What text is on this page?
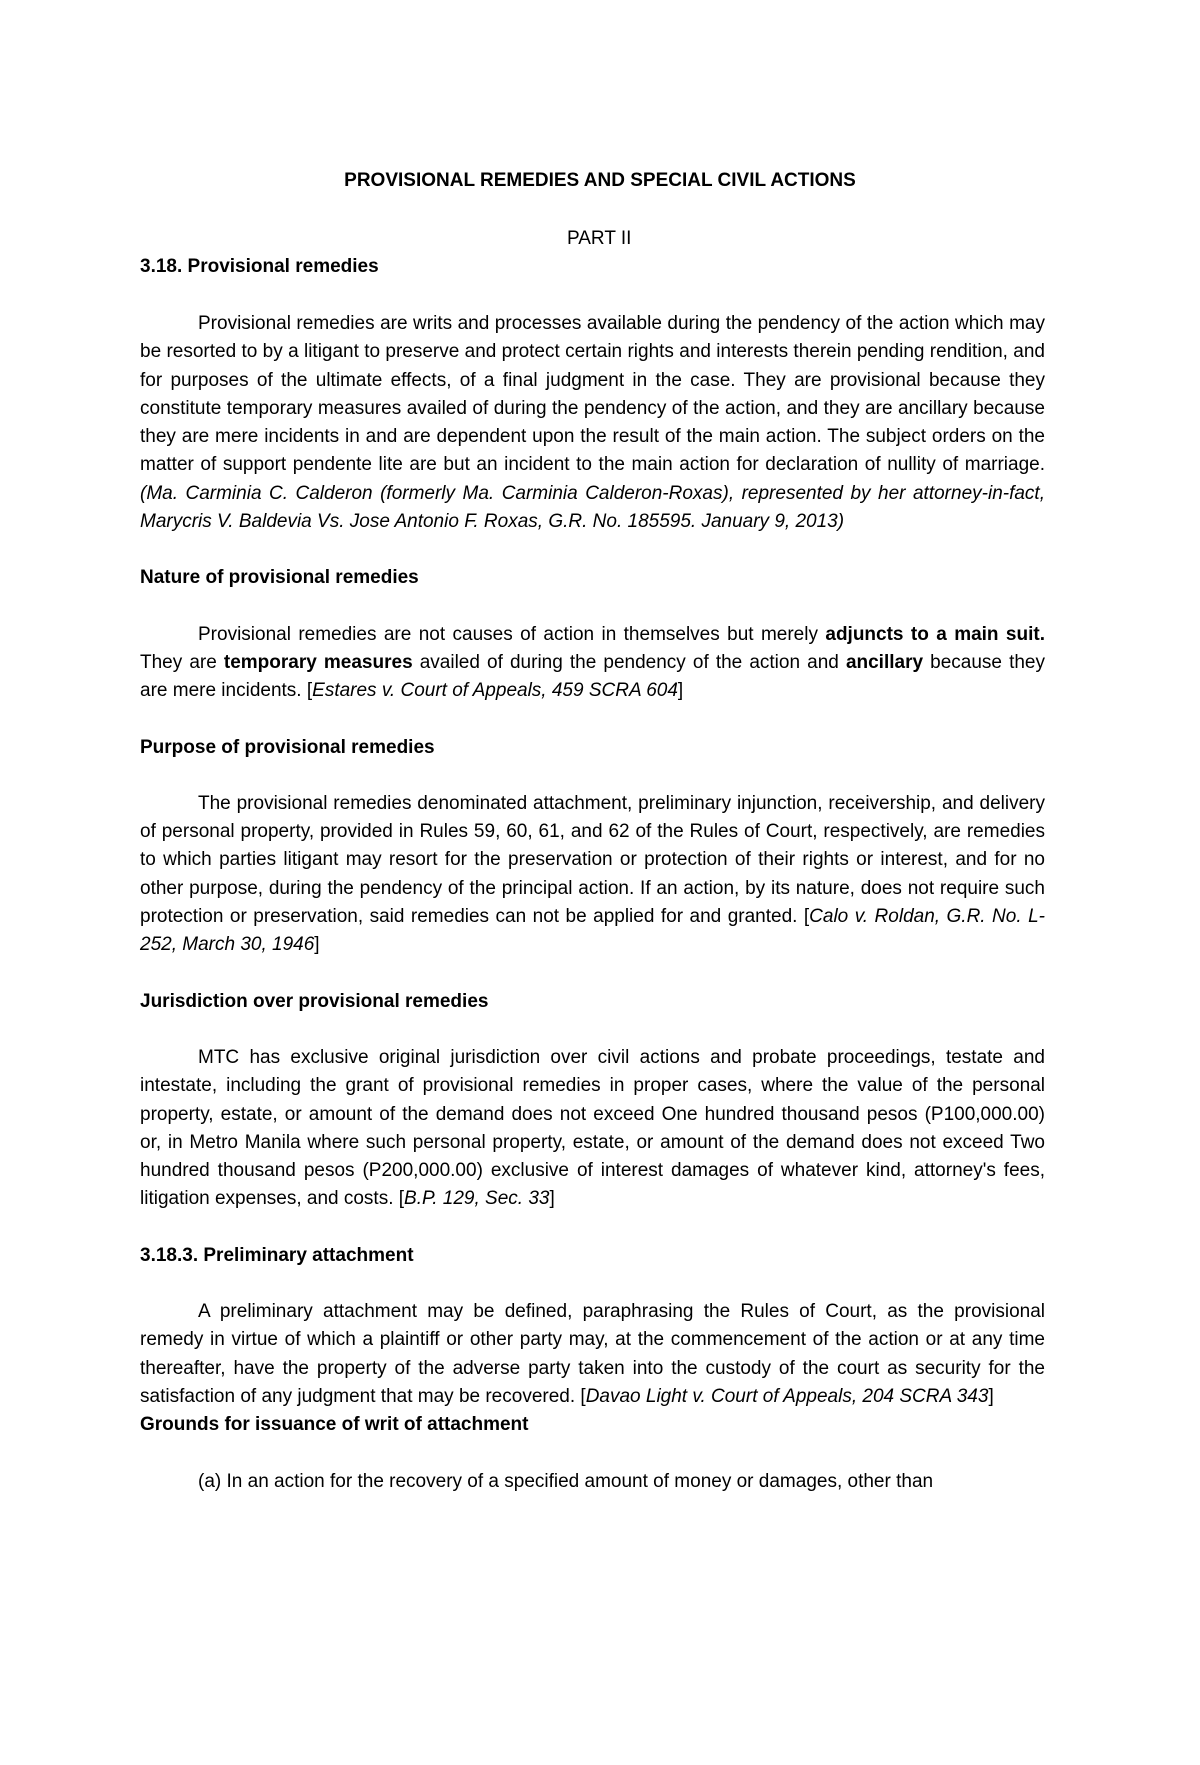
PROVISIONAL REMEDIES AND SPECIAL CIVIL ACTIONS
PART II
3.18. Provisional remedies

Provisional remedies are writs and processes available during the pendency of the action which may be resorted to by a litigant to preserve and protect certain rights and interests therein pending rendition, and for purposes of the ultimate effects, of a final judgment in the case. They are provisional because they constitute temporary measures availed of during the pendency of the action, and they are ancillary because they are mere incidents in and are dependent upon the result of the main action. The subject orders on the matter of support pendente lite are but an incident to the main action for declaration of nullity of marriage. (Ma. Carminia C. Calderon (formerly Ma. Carminia Calderon-Roxas), represented by her attorney-in-fact, Marycris V. Baldevia Vs. Jose Antonio F. Roxas, G.R. No. 185595. January 9, 2013)

Nature of provisional remedies

Provisional remedies are not causes of action in themselves but merely adjuncts to a main suit. They are temporary measures availed of during the pendency of the action and ancillary because they are mere incidents. [Estares v. Court of Appeals, 459 SCRA 604]

Purpose of provisional remedies

The provisional remedies denominated attachment, preliminary injunction, receivership, and delivery of personal property, provided in Rules 59, 60, 61, and 62 of the Rules of Court, respectively, are remedies to which parties litigant may resort for the preservation or protection of their rights or interest, and for no other purpose, during the pendency of the principal action. If an action, by its nature, does not require such protection or preservation, said remedies can not be applied for and granted. [Calo v. Roldan, G.R. No. L-252, March 30, 1946]

Jurisdiction over provisional remedies

MTC has exclusive original jurisdiction over civil actions and probate proceedings, testate and intestate, including the grant of provisional remedies in proper cases, where the value of the personal property, estate, or amount of the demand does not exceed One hundred thousand pesos (P100,000.00) or, in Metro Manila where such personal property, estate, or amount of the demand does not exceed Two hundred thousand pesos (P200,000.00) exclusive of interest damages of whatever kind, attorney's fees, litigation expenses, and costs. [B.P. 129, Sec. 33]

3.18.3. Preliminary attachment

A preliminary attachment may be defined, paraphrasing the Rules of Court, as the provisional remedy in virtue of which a plaintiff or other party may, at the commencement of the action or at any time thereafter, have the property of the adverse party taken into the custody of the court as security for the satisfaction of any judgment that may be recovered. [Davao Light v. Court of Appeals, 204 SCRA 343]

Grounds for issuance of writ of attachment

(a) In an action for the recovery of a specified amount of money or damages, other than
